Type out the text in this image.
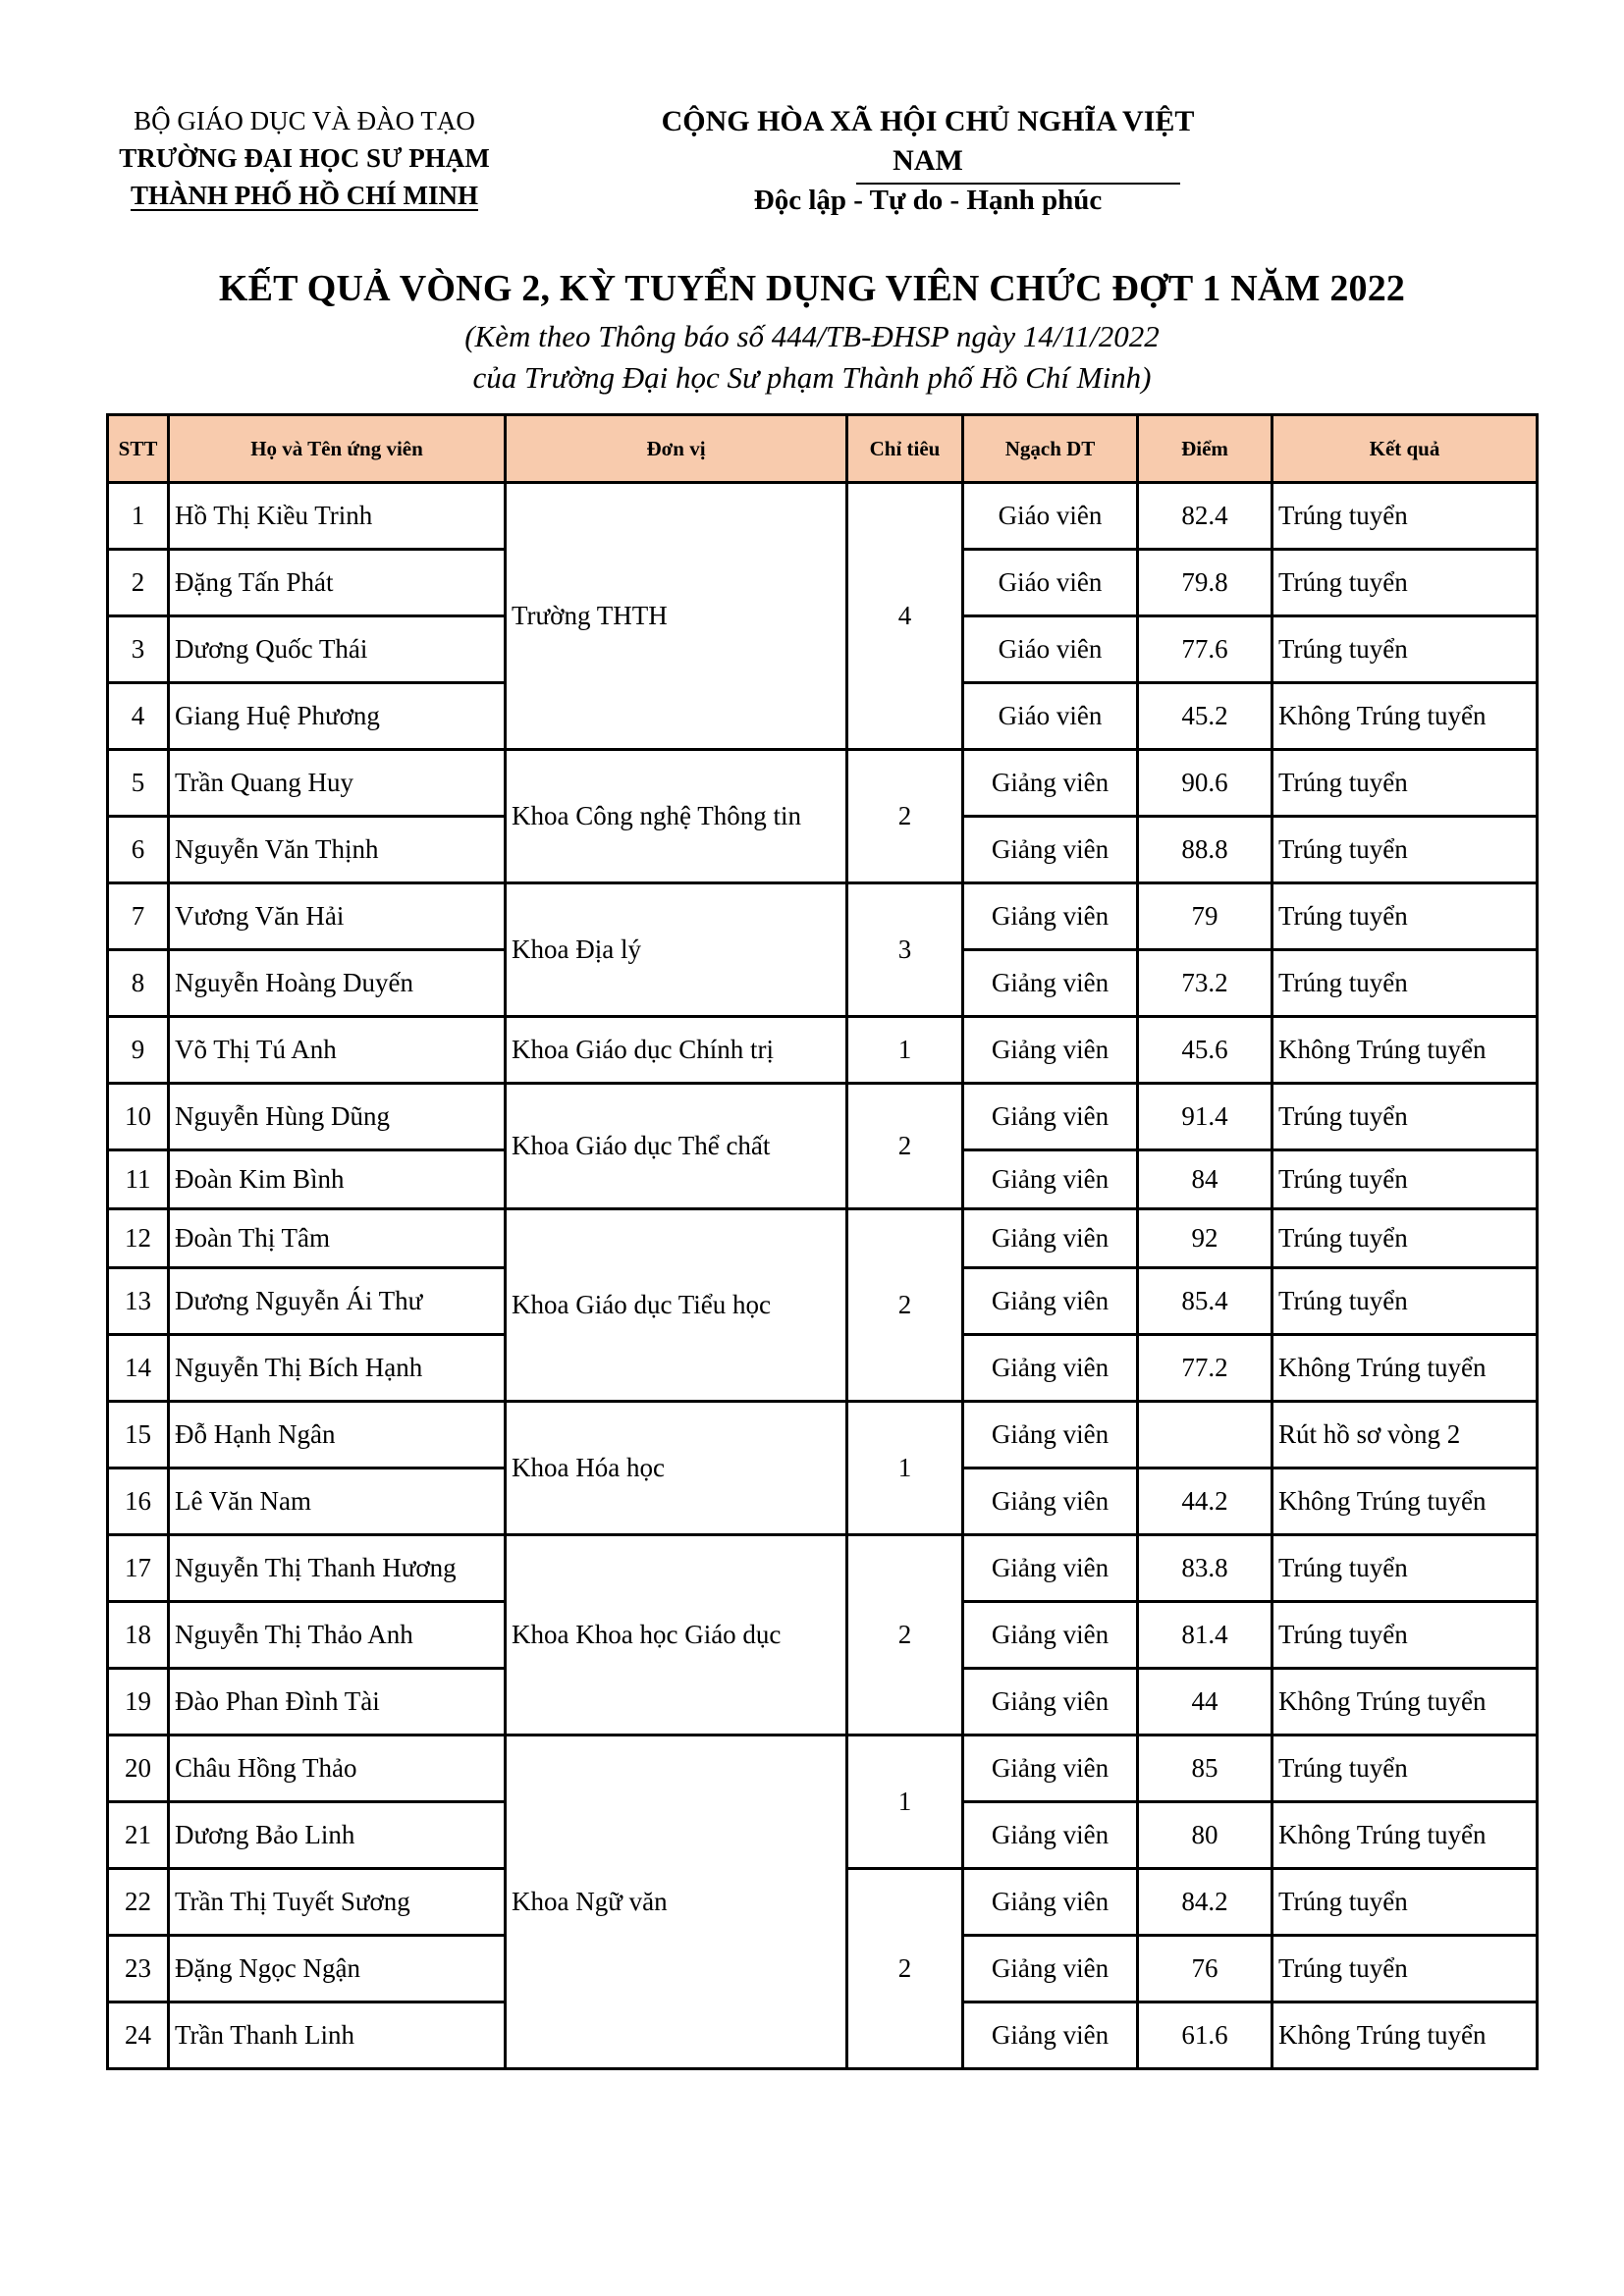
BỘ GIÁO DỤC VÀ ĐÀO TẠO
TRƯỜNG ĐẠI HỌC SƯ PHẠM
THÀNH PHỐ HỒ CHÍ MINH
CỘNG HÒA XÃ HỘI CHỦ NGHĨA VIỆT NAM
Độc lập - Tự do - Hạnh phúc
KẾT QUẢ VÒNG 2, KỲ TUYỂN DỤNG VIÊN CHỨC ĐỢT 1 NĂM 2022
(Kèm theo Thông báo số 444/TB-ĐHSP ngày 14/11/2022
của Trường Đại học Sư phạm Thành phố Hồ Chí Minh)
STT	Họ và Tên ứng viên	Đơn vị	Chỉ tiêu	Ngạch DT	Điểm	Kết quả
1	Hồ Thị Kiều Trinh	Trường THTH	4	Giáo viên	82.4	Trúng tuyển
2	Đặng Tấn Phát			Giáo viên	79.8	Trúng tuyển
3	Dương Quốc Thái			Giáo viên	77.6	Trúng tuyển
4	Giang Huệ Phương			Giáo viên	45.2	Không Trúng tuyển
5	Trần Quang Huy	Khoa Công nghệ Thông tin	2	Giảng viên	90.6	Trúng tuyển
6	Nguyễn Văn Thịnh			Giảng viên	88.8	Trúng tuyển
7	Vương Văn Hải	Khoa Địa lý	3	Giảng viên	79	Trúng tuyển
8	Nguyễn Hoàng Duyến			Giảng viên	73.2	Trúng tuyển
9	Võ Thị Tú Anh	Khoa Giáo dục Chính trị	1	Giảng viên	45.6	Không Trúng tuyển
10	Nguyễn Hùng Dũng	Khoa Giáo dục Thể chất	2	Giảng viên	91.4	Trúng tuyển
11	Đoàn Kim Bình			Giảng viên	84	Trúng tuyển
12	Đoàn Thị Tâm	Khoa Giáo dục Tiểu học	2	Giảng viên	92	Trúng tuyển
13	Dương Nguyễn Ái Thư			Giảng viên	85.4	Trúng tuyển
14	Nguyễn Thị Bích Hạnh			Giảng viên	77.2	Không Trúng tuyển
15	Đỗ Hạnh Ngân	Khoa Hóa học	1	Giảng viên		Rút hồ sơ vòng 2
16	Lê Văn Nam			Giảng viên	44.2	Không Trúng tuyển
17	Nguyễn Thị Thanh Hương	Khoa Khoa học Giáo dục	2	Giảng viên	83.8	Trúng tuyển
18	Nguyễn Thị Thảo Anh			Giảng viên	81.4	Trúng tuyển
19	Đào Phan Đình Tài			Giảng viên	44	Không Trúng tuyển
20	Châu Hồng Thảo	Khoa Ngữ văn	1	Giảng viên	85	Trúng tuyển
21	Dương Bảo Linh			Giảng viên	80	Không Trúng tuyển
22	Trần Thị Tuyết Sương		2	Giảng viên	84.2	Trúng tuyển
23	Đặng Ngọc Ngận			Giảng viên	76	Trúng tuyển
24	Trần Thanh Linh			Giảng viên	61.6	Không Trúng tuyển
